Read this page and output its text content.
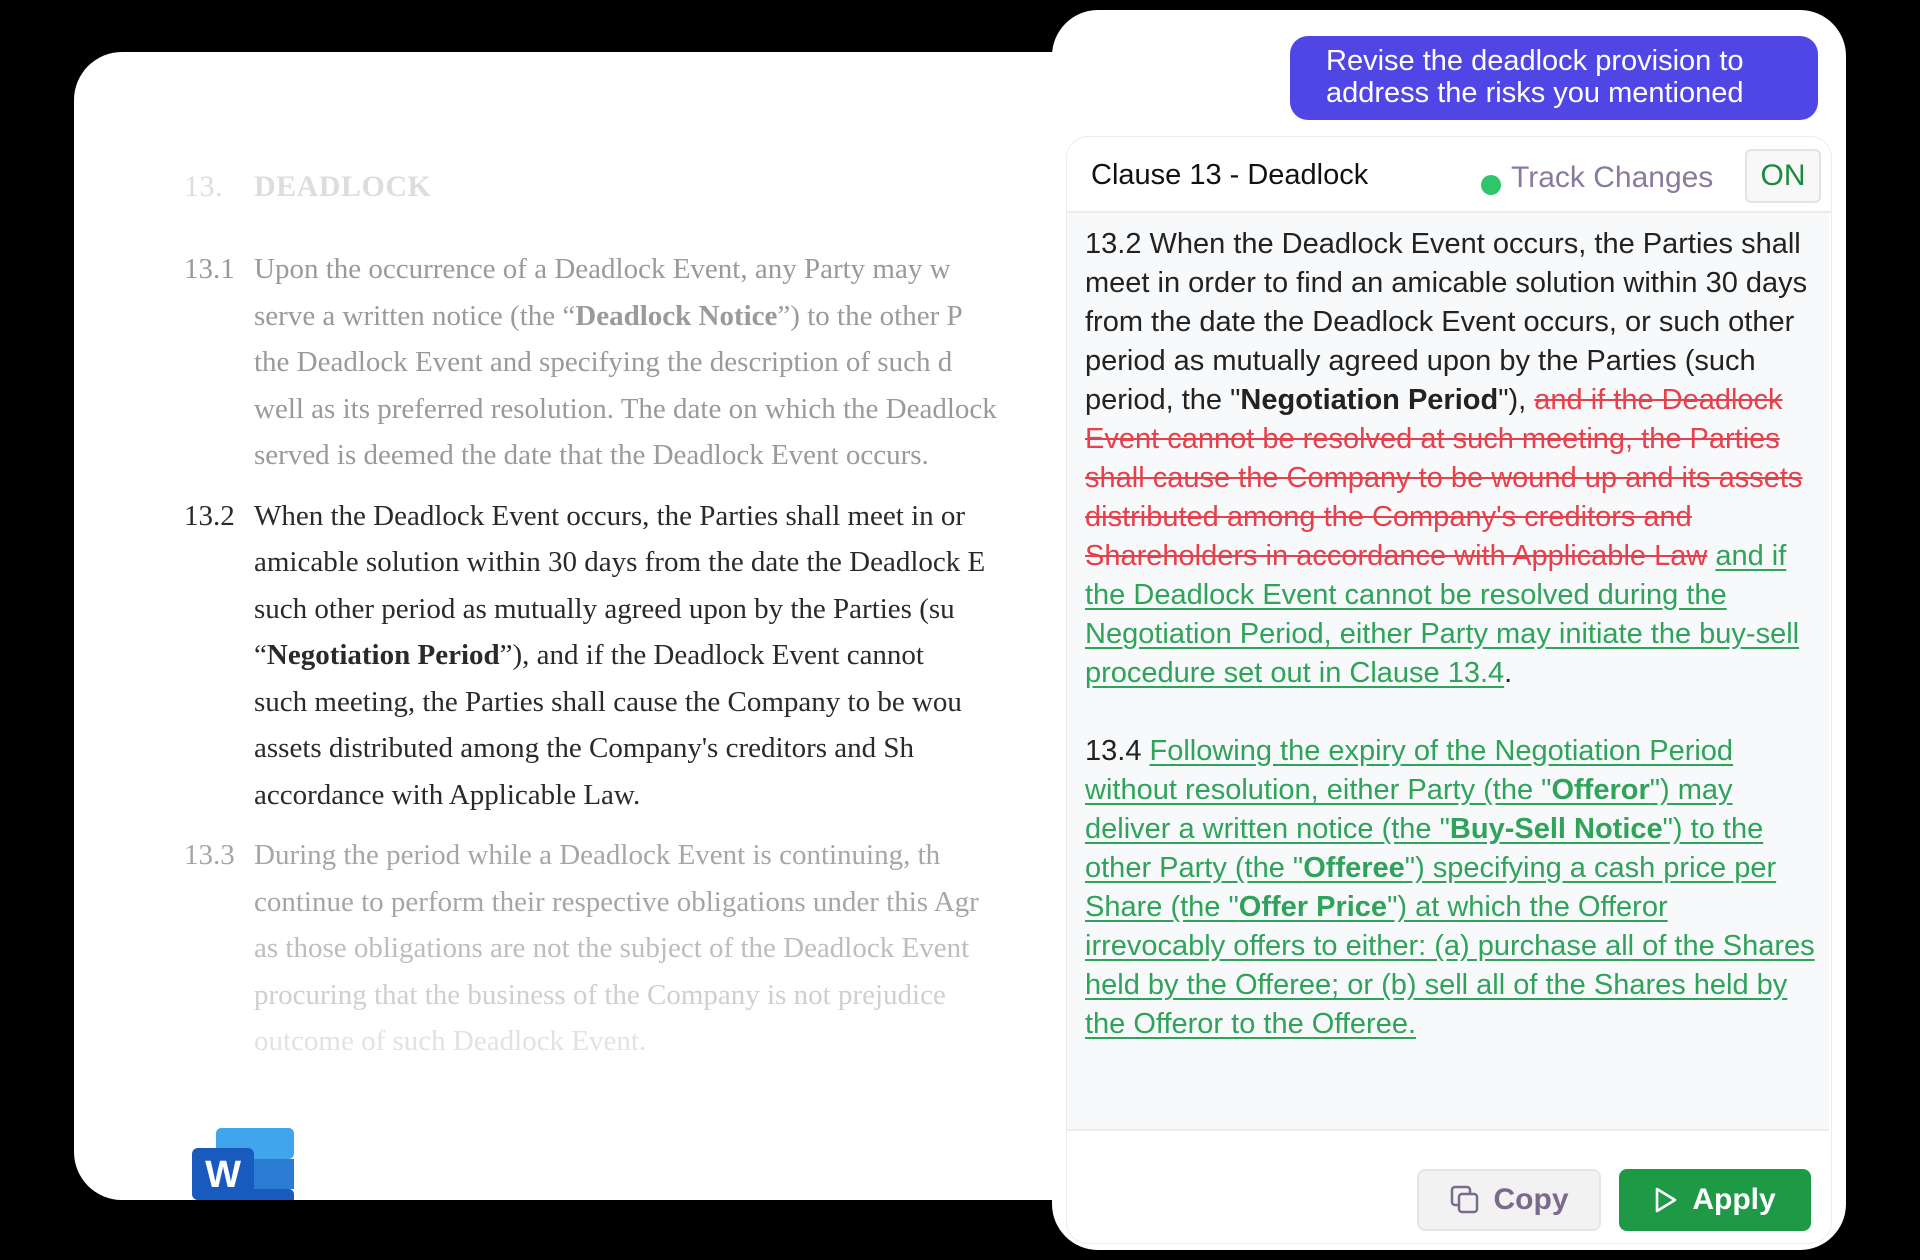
13.	DEADLOCK
13.1 Upon the occurrence of a Deadlock Event, any Party may w

serve a written notice (the “Deadlock Notice”) to the other P

the Deadlock Event and specifying the description of such d

well as its preferred resolution. The date on which the Deadlock

served is deemed the date that the Deadlock Event occurs.

13.2 When the Deadlock Event occurs, the Parties shall meet in or

amicable solution within 30 days from the date the Deadlock E

such other period as mutually agreed upon by the Parties (su

“Negotiation Period”), and if the Deadlock Event cannot

such meeting, the Parties shall cause the Company to be wou

assets distributed among the Company's creditors and Sh

accordance with Applicable Law.

13.3 During the period while a Deadlock Event is continuing, th

continue to perform their respective obligations under this Agr

as those obligations are not the subject of the Deadlock Event

procuring that the business of the Company is not prejudice

outcome of such Deadlock Event.

W
Revise the deadlock provision to
address the risks you mentioned
Clause 13 - Deadlock	Track Changes	ON

13.2 When the Deadlock Event occurs, the Parties shall meet in order to find an amicable solution within 30 days from the date the Deadlock Event occurs, or such other period as mutually agreed upon by the Parties (such period, the "Negotiation Period"), and if the Deadlock Event cannot be resolved at such meeting, the Parties shall cause the Company to be wound up and its assets distributed among the Company's creditors and Shareholders in accordance with Applicable Law and if the Deadlock Event cannot be resolved during the Negotiation Period, either Party may initiate the buy-sell procedure set out in Clause 13.4.

13.4 Following the expiry of the Negotiation Period without resolution, either Party (the "Offeror") may deliver a written notice (the "Buy-Sell Notice") to the other Party (the "Offeree") specifying a cash price per Share (the "Offer Price") at which the Offeror irrevocably offers to either: (a) purchase all of the Shares held by the Offeree; or (b) sell all of the Shares held by the Offeror to the Offeree.

Copy	Apply
